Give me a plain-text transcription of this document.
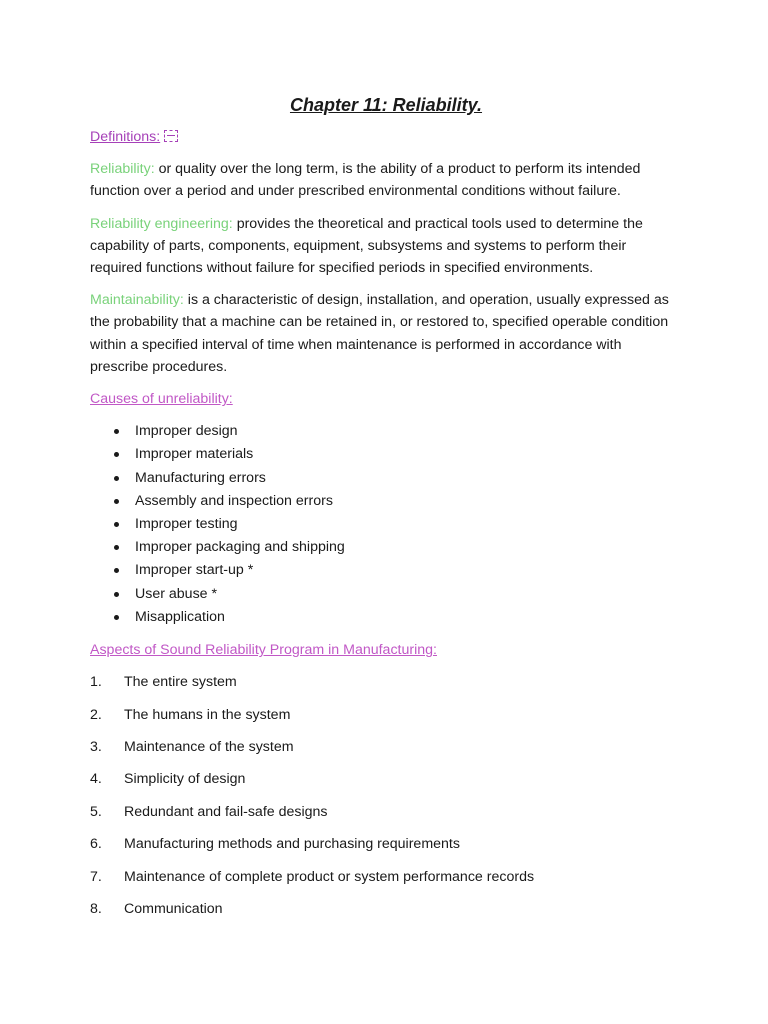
Chapter 11: Reliability.
Definitions:

Reliability: or quality over the long term, is the ability of a product to perform its intended function over a period and under prescribed environmental conditions without failure.

Reliability engineering: provides the theoretical and practical tools used to determine the capability of parts, components, equipment, subsystems and systems to perform their required functions without failure for specified periods in specified environments.

Maintainability: is a characteristic of design, installation, and operation, usually expressed as the probability that a machine can be retained in, or restored to, specified operable condition within a specified interval of time when maintenance is performed in accordance with prescribe procedures.

Causes of unreliability:
Improper design
Improper materials
Manufacturing errors
Assembly and inspection errors
Improper testing
Improper packaging and shipping
Improper start-up *
User abuse *
Misapplication
Aspects of Sound Reliability Program in Manufacturing:
1. The entire system
2. The humans in the system
3. Maintenance of the system
4. Simplicity of design
5. Redundant and fail-safe designs
6. Manufacturing methods and purchasing requirements
7. Maintenance of complete product or system performance records
8. Communication
